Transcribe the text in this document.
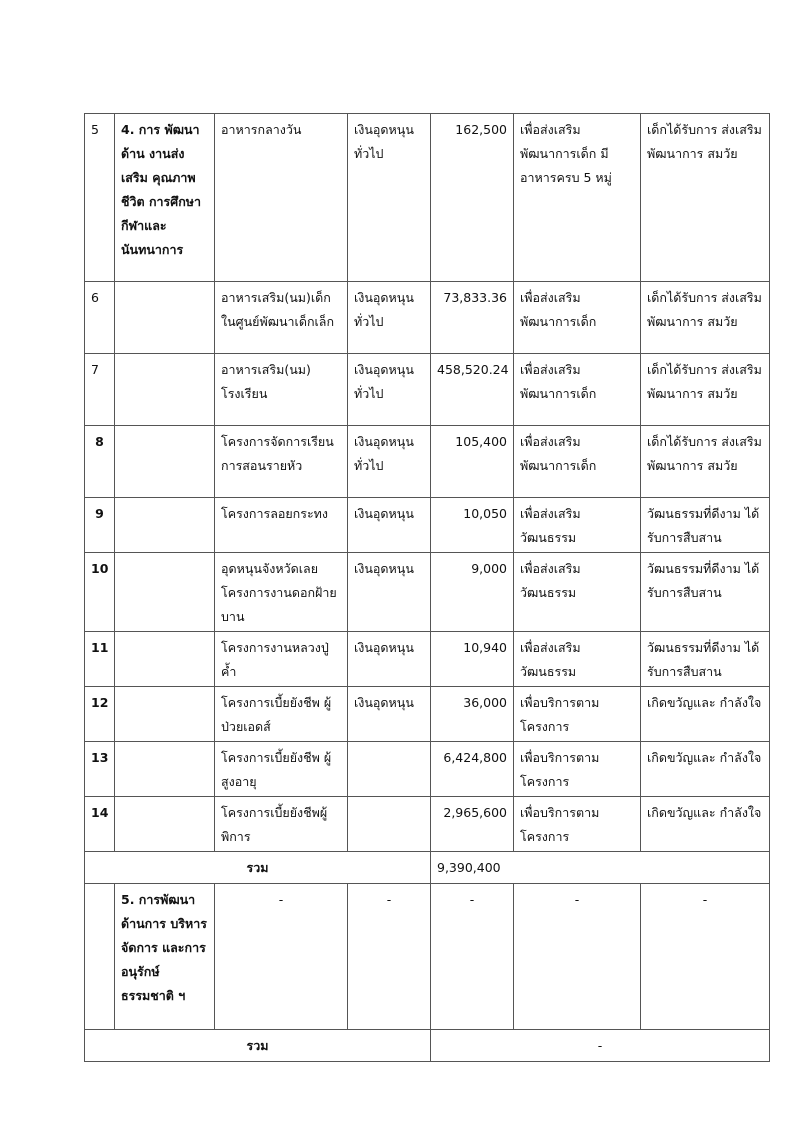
5	4. การ พัฒนาด้าน งานส่งเสริม คุณภาพชีวิต การศึกษา กีฬาและ นันทนาการ	อาหารกลางวัน	เงินอุดหนุน ทั่วไป	162,500	เพื่อส่งเสริม พัฒนาการเด็ก มี อาหารครบ 5 หมู่	เด็กได้รับการ ส่งเสริม พัฒนาการ สมวัย
6		อาหารเสริม(นม)เด็ก ในศูนย์พัฒนาเด็กเล็ก	เงินอุดหนุน ทั่วไป	73,833.36	เพื่อส่งเสริม พัฒนาการเด็ก	เด็กได้รับการ ส่งเสริม พัฒนาการ สมวัย
7		อาหารเสริม(นม) โรงเรียน	เงินอุดหนุน ทั่วไป	458,520.24	เพื่อส่งเสริม พัฒนาการเด็ก	เด็กได้รับการ ส่งเสริม พัฒนาการ สมวัย
8		โครงการจัดการเรียน การสอนรายหัว	เงินอุดหนุน ทั่วไป	105,400	เพื่อส่งเสริม พัฒนาการเด็ก	เด็กได้รับการ ส่งเสริม พัฒนาการ สมวัย
9		โครงการลอยกระทง	เงินอุดหนุน	10,050	เพื่อส่งเสริม วัฒนธรรม	วัฒนธรรมที่ดีงาม ได้รับการสืบสาน
10		อุดหนุนจังหวัดเลย โครงการงานดอกฝ้าย บาน	เงินอุดหนุน	9,000	เพื่อส่งเสริม วัฒนธรรม	วัฒนธรรมที่ดีงาม ได้รับการสืบสาน
11		โครงการงานหลวงปู่ ค้ำ	เงินอุดหนุน	10,940	เพื่อส่งเสริม วัฒนธรรม	วัฒนธรรมที่ดีงาม ได้รับการสืบสาน
12		โครงการเบี้ยยังชีพ ผู้ป่วยเอดส์	เงินอุดหนุน	36,000	เพื่อบริการตาม โครงการ	เกิดขวัญและ กำลังใจ
13		โครงการเบี้ยยังชีพ ผู้สูงอายุ		6,424,800	เพื่อบริการตาม โครงการ	เกิดขวัญและ กำลังใจ
14		โครงการเบี้ยยังชีพผู้ พิการ		2,965,600	เพื่อบริการตาม โครงการ	เกิดขวัญและ กำลังใจ
รวม				9,390,400		
	5. การพัฒนา ด้านการ บริหารจัดการ และการ อนุรักษ์ ธรรมชาติ ฯ	-	-	-	-	-
รวม				-		
